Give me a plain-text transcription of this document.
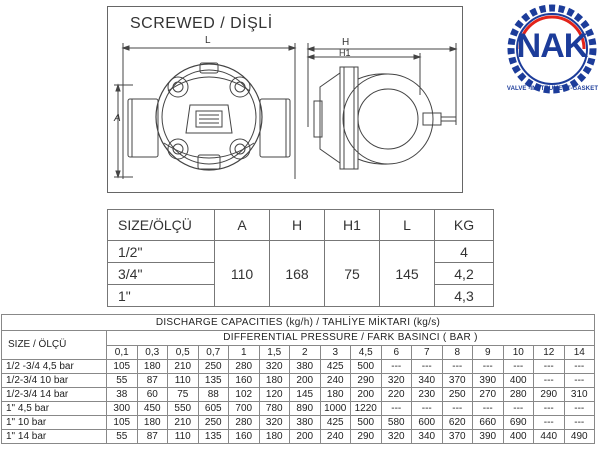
SCREWED / DİŞLİ
L
A
H
H1	NAK
VALVE -INSTRUMENT-GASKET
SIZE/ÖLÇÜ	A	H	H1	L	KG
1/2"	110	168	75	145	4
3/4"					4,2
1"					4,3
DISCHARGE CAPACITIES (kg/h) / TAHLİYE MİKTARI (kg/s)																
SIZE / ÖLÇÜ	DIFFERENTIAL PRESSURE / FARK BASINCI ( BAR )															
	0,1	0,3	0,5	0,7	1	1,5	2	3	4,5	6	7	8	9	10	12	14
1/2 -3/4 4,5 bar	105	180	210	250	280	320	380	425	500	---	---	---	---	---	---	---
1/2-3/4 10 bar	55	87	110	135	160	180	200	240	290	320	340	370	390	400	---	---
1/2-3/4 14 bar	38	60	75	88	102	120	145	180	200	220	230	250	270	280	290	310
1" 4,5 bar	300	450	550	605	700	780	890	1000	1220	---	---	---	---	---	---	---
1" 10 bar	105	180	210	250	280	320	380	425	500	580	600	620	660	690	---	---
1" 14 bar	55	87	110	135	160	180	200	240	290	320	340	370	390	400	440	490
